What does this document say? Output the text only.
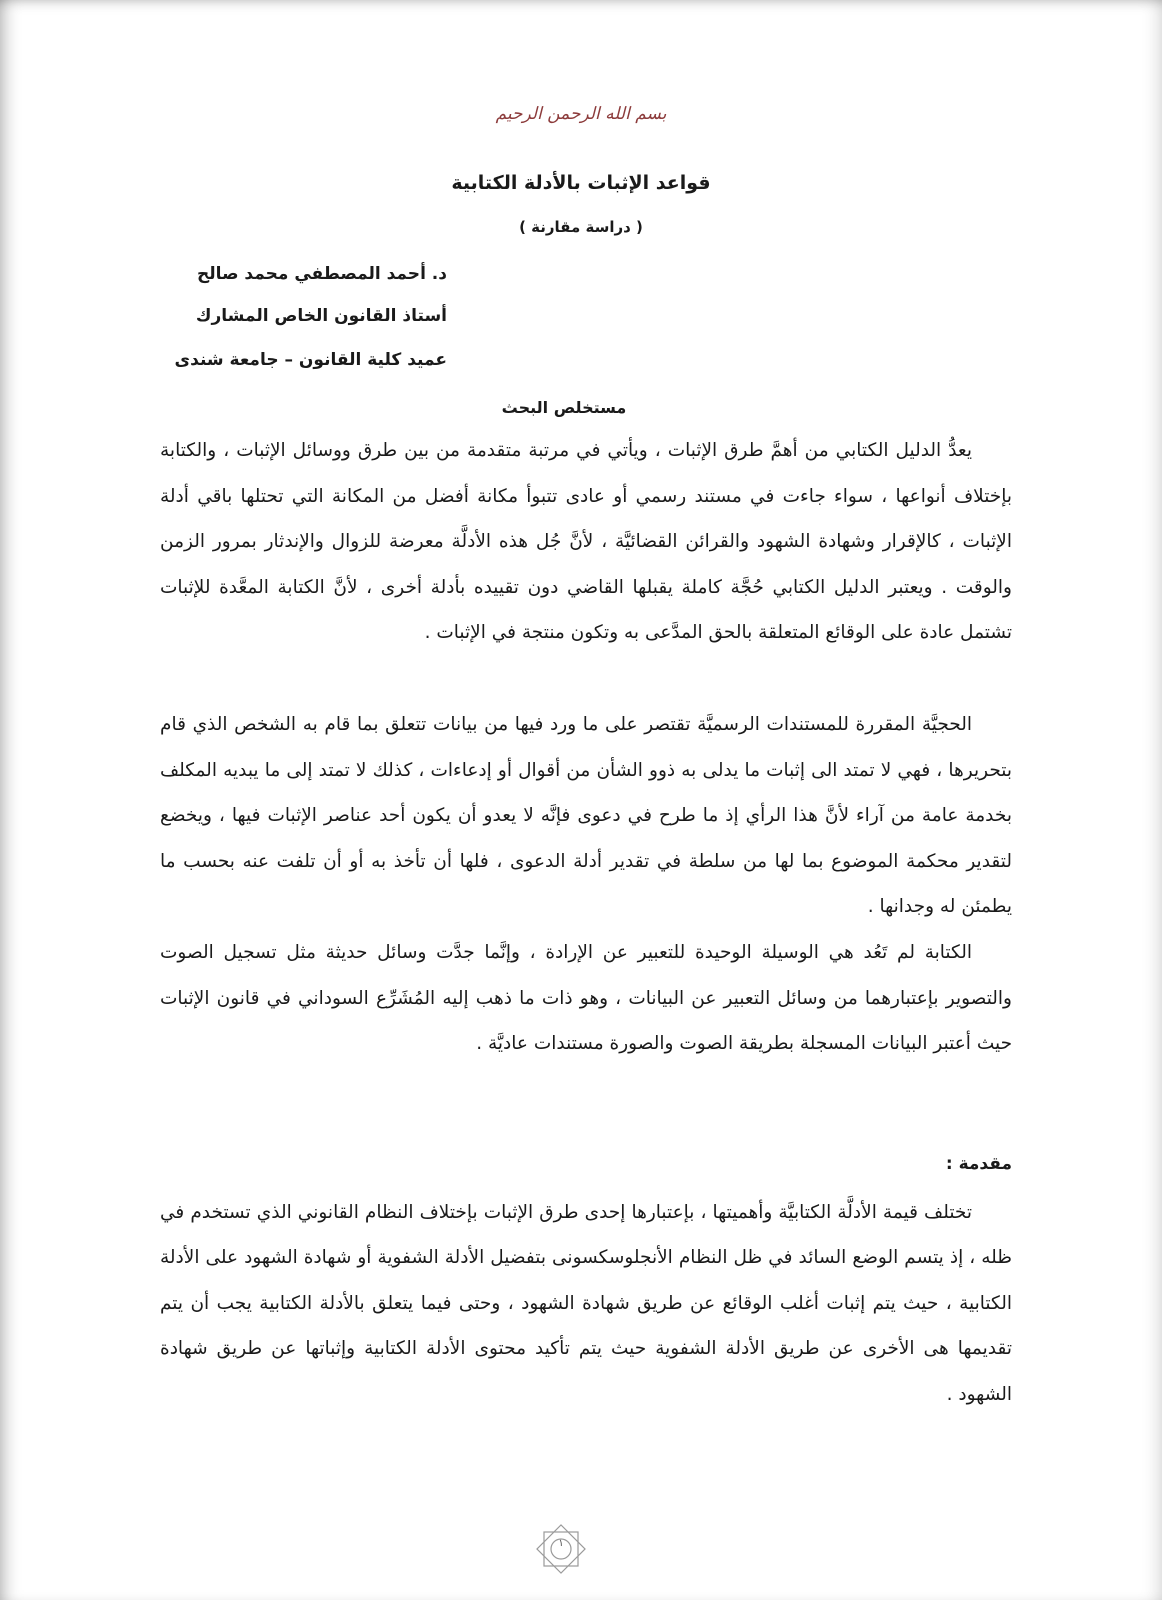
بسم الله الرحمن الرحيم
قواعد الإثبات بالأدلة الكتابية
( دراسة مقارنة )
د. أحمد المصطفي محمد صالح
أستاذ القانون الخاص المشارك
عميد كلية القانون – جامعة شندى
مستخلص البحث

يعدُّ الدليل الكتابي من أهمَّ طرق الإثبات ، ويأتي في مرتبة متقدمة من بين طرق ووسائل الإثبات ، والكتابة بإختلاف أنواعها ، سواء جاءت في مستند رسمي أو عادى تتبوأ مكانة أفضل من المكانة التي تحتلها باقي أدلة الإثبات ، كالإقرار وشهادة الشهود والقرائن القضائيَّة ، لأنَّ جُل هذه الأدلَّة معرضة للزوال والإندثار بمرور الزمن والوقت . ويعتبر الدليل الكتابي حُجَّة كاملة يقبلها القاضي دون تقييده بأدلة أخرى ، لأنَّ الكتابة المعَّدة للإثبات تشتمل عادة على الوقائع المتعلقة بالحق المدَّعى به وتكون منتجة في الإثبات .

الحجيَّة المقررة للمستندات الرسميَّة تقتصر على ما ورد فيها من بيانات تتعلق بما قام به الشخص الذي قام بتحريرها ، فهي لا تمتد الى إثبات ما يدلى به ذوو الشأن من أقوال أو إدعاءات ، كذلك لا تمتد إلى ما يبديه المكلف بخدمة عامة من آراء لأنَّ هذا الرأي إذ ما طرح في دعوى فإنَّه لا يعدو أن يكون أحد عناصر الإثبات فيها ، ويخضع لتقدير محكمة الموضوع بما لها من سلطة في تقدير أدلة الدعوى ، فلها أن تأخذ به أو أن تلفت عنه بحسب ما يطمئن له وجدانها .

الكتابة لم تَعُد هي الوسيلة الوحيدة للتعبير عن الإرادة ، وإنَّما جدَّت وسائل حديثة مثل تسجيل الصوت والتصوير بإعتبارهما من وسائل التعبير عن البيانات ، وهو ذات ما ذهب إليه المُشَرِّع السوداني في قانون الإثبات حيث أعتبر البيانات المسجلة بطريقة الصوت والصورة مستندات عاديَّة .

مقدمة :

تختلف قيمة الأدلَّة الكتابيَّة وأهميتها ، بإعتبارها إحدى طرق الإثبات بإختلاف النظام القانوني الذي تستخدم في ظله ، إذ يتسم الوضع السائد في ظل النظام الأنجلوسكسونى بتفضيل الأدلة الشفوية أو شهادة الشهود على الأدلة الكتابية ، حيث يتم إثبات أغلب الوقائع عن طريق شهادة الشهود ، وحتى فيما يتعلق بالأدلة الكتابية يجب أن يتم تقديمها هى الأخرى عن طريق الأدلة الشفوية حيث يتم تأكيد محتوى الأدلة الكتابية وإثباتها عن طريق شهادة الشهود .

١
